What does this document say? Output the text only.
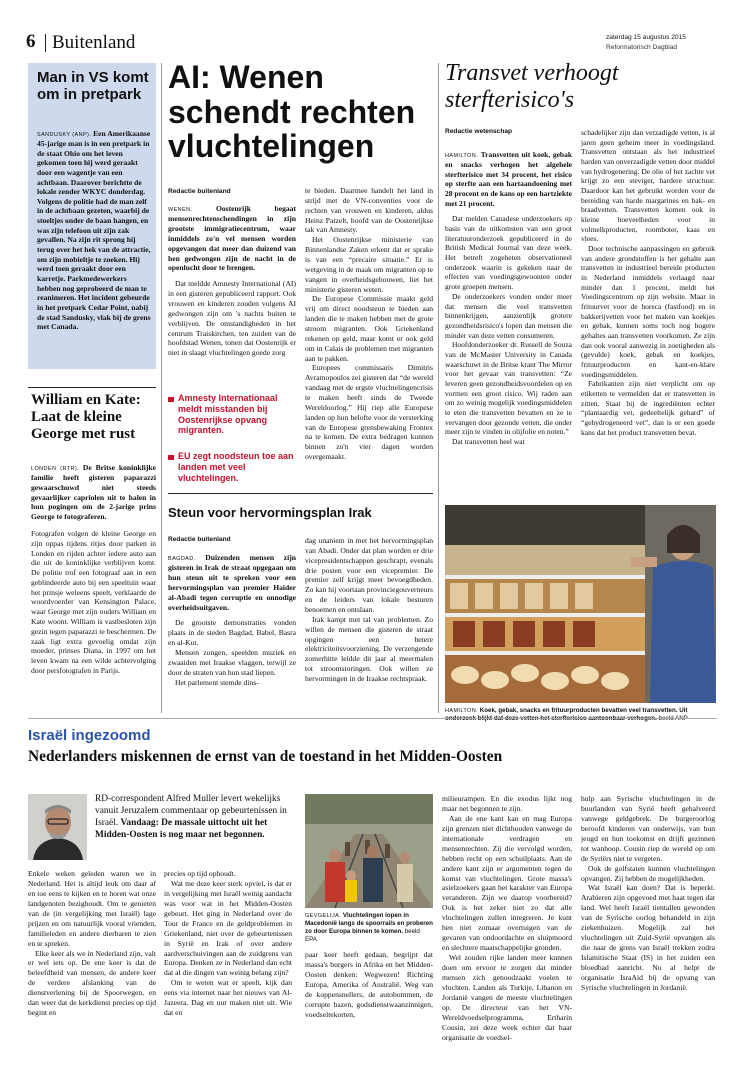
6 Buitenland	zaterdag 15 augustus 2015
Reformatorisch Dagblad
Man in VS komt om in pretpark

SANDUSKY (ANP). Een Amerikaanse 45-jarige man is in een pretpark in de staat Ohio om het leven gekomen toen hij werd geraakt door een wagentje van een achtbaan. Daarover berichtte de lokale zender WKYC donderdag. Volgens de politie had de man zelf in de achtbaan gezeten, waarbij de stoeltjes onder de baan hangen, en was zijn telefoon uit zijn zak gevallen. Na zijn rit sprong hij terug over het hek van de attractie, om zijn mobieltje te zoeken. Hij werd toen geraakt door een karretje. Parkmedewerkers hebben nog geprobeerd de man te reanimeren. Het incident gebeurde in het pretpark Cedar Point, nabij de stad Sandusky, vlak bij de grens met Canada.

William en Kate: Laat de kleine George met rust

LONDEN (RTR). De Britse koninklijke familie heeft gisteren paparazzi gewaarschuwd niet steeds gevaarlijker capriolen uit te halen in hun pogingen om de 2-jarige prins George te fotograferen.

Fotografen volgen de kleine George en zijn oppas tijdens ritjes door parken in Londen en rijden achter iedere auto aan die uit de koninklijke verblijven komt. De politie trof een fotograaf aan in een geblindeerde auto bij een speeltuin waar het prinsje weleens speelt, verklaarde de woordvoerder van Kensington Palace, waar George met zijn ouders William en Kate woont. William is vastbesloten zijn gezin tegen paparazzi te beschermen. De zaak ligt extra gevoelig omdat zijn moeder, prinses Diana, in 1997 om het leven kwam na een wilde achtervolging door persfotografen in Parijs.

AI: Wenen schendt rechten vluchtelingen
Redactie buitenland

WENEN.	Oostenrijk begaat mensenrechtenschendingen in zijn grootste immigratiecentrum, waar inmiddels zo'n vel mensen worden opgevangen dat meer dan duizend van hen gedwongen zijn de nacht in de openlucht door te brengen.

Dat meldde Amnesty International (AI) in een gisteren gepubliceerd rapport. Ook vrouwen en kinderen zouden volgens AI gedwongen zijn om 's nachts buiten te verblijven. De omstandigheden in het centrum Traiskirchen, ten zuiden van de hoofdstad Wenen, tonen dat Oostenrijk er niet in slaagt vluchtelingen goede zorg

Amnesty Internationaal meldt misstanden bij Oostenrijkse opvang migranten.
EU zegt noodsteun toe aan landen met veel vluchtelingen.

te bieden. Daarmee handelt het land in strijd met de VN-conventies voor de rechten van vrouwen en kinderen, aldus Heinz Patzelt, hoofd van de Oostenrijkse tak van Amnesty.

Het Oostenrijkse ministerie van Binnenlandse Zaken erkent dat er sprake is van een “precaire situatie.” Er is wetgeving in de maak om migranten op te vangen in overheidsgebouwen, liet het ministerie gisteren weten.

De Europese Commissie maakt geld vrij om direct noodsteun te bieden aan landen die te maken hebben met de grote stroom migranten. Ook Griekenland rekenen op geld, maar komt er ook geld om in Calais de problemen met migranten aan te pakken.

Europees commissaris Dimitris Avramopoulos zei gisteren dat “de wereld vandaag met de ergste vluchtelingencrisis te maken heeft sinds de Tweede Wereldoorlog.” Hij riep alle Europese landen op hun beloftе voor de versterking van de Europese grensbewaking Frontex na te komen. De extra bedragen kunnen binnen zo'n vier dagen worden overgemaakt.

Steun voor hervormingsplan Irak
Redactie buitenland

BAGDAD. Duizenden mensen zijn gisteren in Irak de straat opgegaan om hun steun uit te spreken voor een hervormingsplan van premier Haider al-Abadi tegen corruptie en onnodige overheidsuitgaven.

De grootste demonstraties vonden plaats in de steden Bagdad, Babel, Basra en al-Kut.

Mensen zongen, speelden muziek en zwaaiden met Iraakse vlaggen, terwijl ze door de straten van hun stad liepen.

Het parlement stemde dins-

dag unaniem in met het hervormingsplan van Abadi. Onder dat plan worden er drie vicepresidentschappen geschrapt, evenals drie posten voor een vicepremier. De premier zelf krijgt meer bevoegdheden. Zo kan hij voortaan provinciegouverneurs en de leiders van lokale besturen benoemen en ontslaan.

Irak kampt met tal van problemen. Zo willen de mensen die gisteren de straat opgingen een betere elektriciteitsvoorziening. De verzengende zomerhitte leidde dit jaar al meermalen tot stroomstoringen. Ook willen ze hervormingen in de Iraakse rechtspraak.

Transvet verhoogt sterfterisico's
Redactie wetenschap

HAMILTON. Transvetten uit koek, gebak en snacks verhogen het algehele sterfterisico met 34 procent, het risico op sterfte aan een hartaandoening met 28 procent en de kans op een hartziekte met 21 procent.

Dat melden Canadese onderzoekers op basis van de uitkomsten van een groot literatuuronderzoek gepubliceerd in de British Medical Journal van deze week. Het betreft zogeheten observationeel onderzoek waarin is gekeken naar de effecten van voedingsgewoonten onder grote groepen mensen.

De onderzoekers vonden onder meer dat mensen die veel transvetten binnenkrijgen, aanzienlijk grotere gezondheidsrisico's lopen dan mensen die minder van deze vetten consumeren.

Hoofdonderzoeker dr. Russell de Souza van de McMaster University in Canada waarschuwt in de Britse krant The Mirror voor het gevaar van transvetten: “Ze leveren geen gezondheidsvoordelen op en vormen een groot risico. Wij raden aan om zo weinig mogelijk voedingsmiddelen te eten die transvetten bevatten en ze te vervangen door gezonde vetten, die onder meer zijn te vinden in olijfolie en noten.”

Dat transvetten heel wat

schadelijker zijn dan verzadigde vetten, is al jaren geen geheim meer in voedingsland. Transvetten ontstaan als het industrieel harden van onverzadigde vetten door middel van hydrogenering. De olie of het zachte vet krijgt zo een steviger, hardere structuur. Daardoor kan het gebruikt worden voor de bereiding van harde margarines en bak- en braadvetten. Transvetten komen ook in kleine hoeveelheden voor in volmelkproducten, roomboter, kaas en vlees.

Door technische aanpassingen en gebruik van andere grondstoffen is het gehalte aan transvetten in industrieel bereide producten in Nederland inmiddels verlaagd naar minder dan 1 procent, meldt het Voedingscentrum op zijn website. Maar in frituurvet voor de horeca (fastfood) en in bakkerijvetten voor het maken van koekjes en gebak, kunnen soms toch nog hogere gehaltes aan transvetten voorkomen. Ze zijn dan ook vooral aanwezig in zoetigheden als (gevulde) koek, gebak en koekjes, frituurproducten en kant-en-klare voedingsmiddelen.

Fabrikanten zijn niet verplicht om op etiketten te vermelden dat er transvetten in zitten. Staat bij de ingrediënten echter “plantaardig vet, gedeeltelijk gehard” of “gehydrogeneerd vet”, dan is er een goede kans dat het product transvetten bevat.

HAMILTON. Koek, gebak, snacks en frituurproducten bevatten veel transvetten. Uit
Israël ingezoomd
Nederlanders miskennen de ernst van de toestand in het Midden-Oosten
RD-correspondent Alfred Muller levert wekelijks vanuit Jeruzalem commentaar op gebeurtenissen in Israël. Vandaag: De massale uittocht uit het Midden-Oosten is nog maar net begonnen.

Enkele weken geleden waren we in Nederland. Het is altijd leuk om daar af en toe eens te kijken en te horen wat onze landgenoten bezighoudt. Om te genieten van de (in vergelijking met Israël) lage prijzen en om natuurlijk vooral vrienden, familieleden en andere dierbaren te zien en te spreken.

Elke keer als we in Nederland zijn, valt er wel iets op. De ene keer is dat de beleefdheid van mensen, de andere keer de verdere afslanking van de dienstverlening bij de Spoorwegen, en dan weer dat de kerkdienst precies op tijd begint en

precies op tijd ophoudt.

Wat me deze keer sterk opviel, is dat er in vergelijking met Israël weinig aandacht was voor wat in het Midden-Oosten gebeurt. Het ging in Nederland over de Tour de France en de geldproblemen in Griekenland, niet over de gebeurtenissen in Syrië en Irak of over andere aardverschuivingen aan de zuidgrens van Europa. Denken ze in Nederland dan echt dat al die dingen van weinig belang zijn?

Om te weten wat er speelt, kijk dan eens via internet naar het nieuws van Al-Jazeera. Dag en uur maken niet uit. Wie dat en

GEVGELIJA. Vluchtelingen lopen in Macedonië langs de spoorrails en proberen zo door Europa binnen te komen. beeld EPA

paar keer heeft gedaan, begrijpt dat massa's burgers in Afrika en het Midden-Oosten denken: Wegwezen! Richting Europa, Amerika of Australië. Weg van de koppensnellers, de autobommen, de corrupte bazen, godsdienstwaanzinnigen, voedseltekorten,

milieurampen. En die exodus lijkt nog maar net begonnen te zijn.

Aan de ene kant kan en mag Europa zijn grenzen niet dichthouden vanwege de internationale verdragen en mensenrechten. Zij die vervolgd worden, hebben recht op een schuilplaats. Aan de andere kant zijn er argumenten tegen de komst van vluchtelingen. Grote massa's asielzoekers gaan het karakter van Europa veranderen. Zijn we daarop voorbereid? Ook is het zeker niet zo dat alle vluchtelingen zullen integreren. Je kunt hen niet zomaar overtuigen van de gevaren van ondoordachte en sluipmoord en slechtere maatschappelijke gronden.

Wel zouden rijke landen meer kunnen doen om ervoor te zorgen dat minder mensen zich genoodzaakt voelen te vluchten. Landen als Turkije, Libanon en Jordanië vangen de meeste vluchtelingen op. De directeur van het VN-Wereldvoedselprogramma, Ertharin Cousin, zei deze week echter dat haar organisatie de voedsel-

hulp aan Syrische vluchtelingen in de buurlanden van Syrië heeft gehalveerd vanwege geldgebrek. De burgeroorlog beroofd kinderen van onderwijs, van hun jeugd en hun toekomst en drijft gezinnen tot wanhoop. Cousin riep de wereld op om de Syriërs niet te vergeten.

Ook de golfstaten kunnen vluchtelingen opvangen. Zij hebben de mogelijkheden.

Wat Israël kan doen? Dat is beperkt. Arabieren zijn opgevoed met haat tegen dat land. Wel heeft Israël tientallen gewonden van de Syrische oorlog behandeld in zijn ziekenhuizen. Mogelijk zal het vluchtelingen uit Zuid-Syrië opvangen als die naar de grens van Israël trekken zodra Islamitische Staat (IS) in het zuiden een bloedbad aanricht. Nu al helpt de organisatie IsraAid bij de opvang van Syrische vluchtelingen in Jordanië.
